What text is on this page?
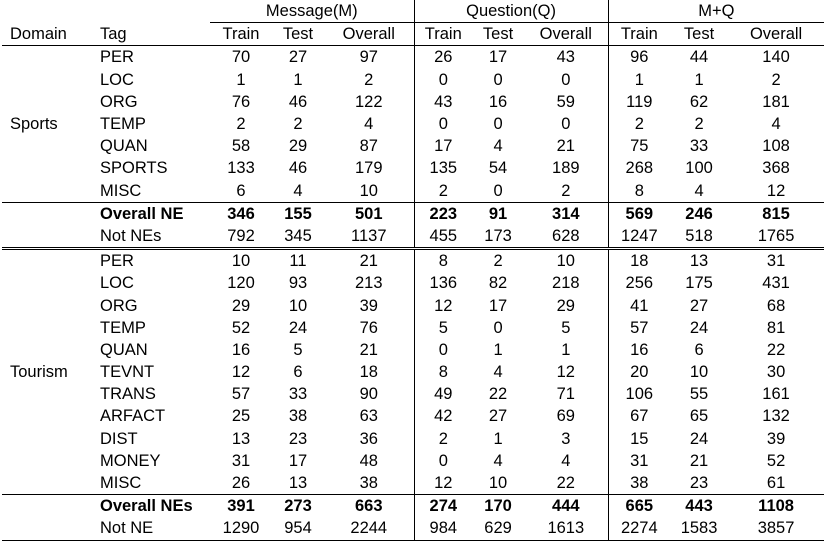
		Message(M)			Question(Q)			M+Q		
Domain	Tag	Train	Test	Overall	Train	Test	Overall	Train	Test	Overall
Sports	PER	70	27	97	26	17	43	96	44	140
	LOC	1	1	2	0	0	0	1	1	2
	ORG	76	46	122	43	16	59	119	62	181
	TEMP	2	2	4	0	0	0	2	2	4
	QUAN	58	29	87	17	4	21	75	33	108
	SPORTS	133	46	179	135	54	189	268	100	368
	MISC	6	4	10	2	0	2	8	4	12
	Overall NE	346	155	501	223	91	314	569	246	815
	Not NEs	792	345	1137	455	173	628	1247	518	1765
Tourism	PER	10	11	21	8	2	10	18	13	31
	LOC	120	93	213	136	82	218	256	175	431
	ORG	29	10	39	12	17	29	41	27	68
	TEMP	52	24	76	5	0	5	57	24	81
	QUAN	16	5	21	0	1	1	16	6	22
	TEVNT	12	6	18	8	4	12	20	10	30
	TRANS	57	33	90	49	22	71	106	55	161
	ARFACT	25	38	63	42	27	69	67	65	132
	DIST	13	23	36	2	1	3	15	24	39
	MONEY	31	17	48	0	4	4	31	21	52
	MISC	26	13	38	12	10	22	38	23	61
	Overall NEs	391	273	663	274	170	444	665	443	1108
	Not NE	1290	954	2244	984	629	1613	2274	1583	3857
